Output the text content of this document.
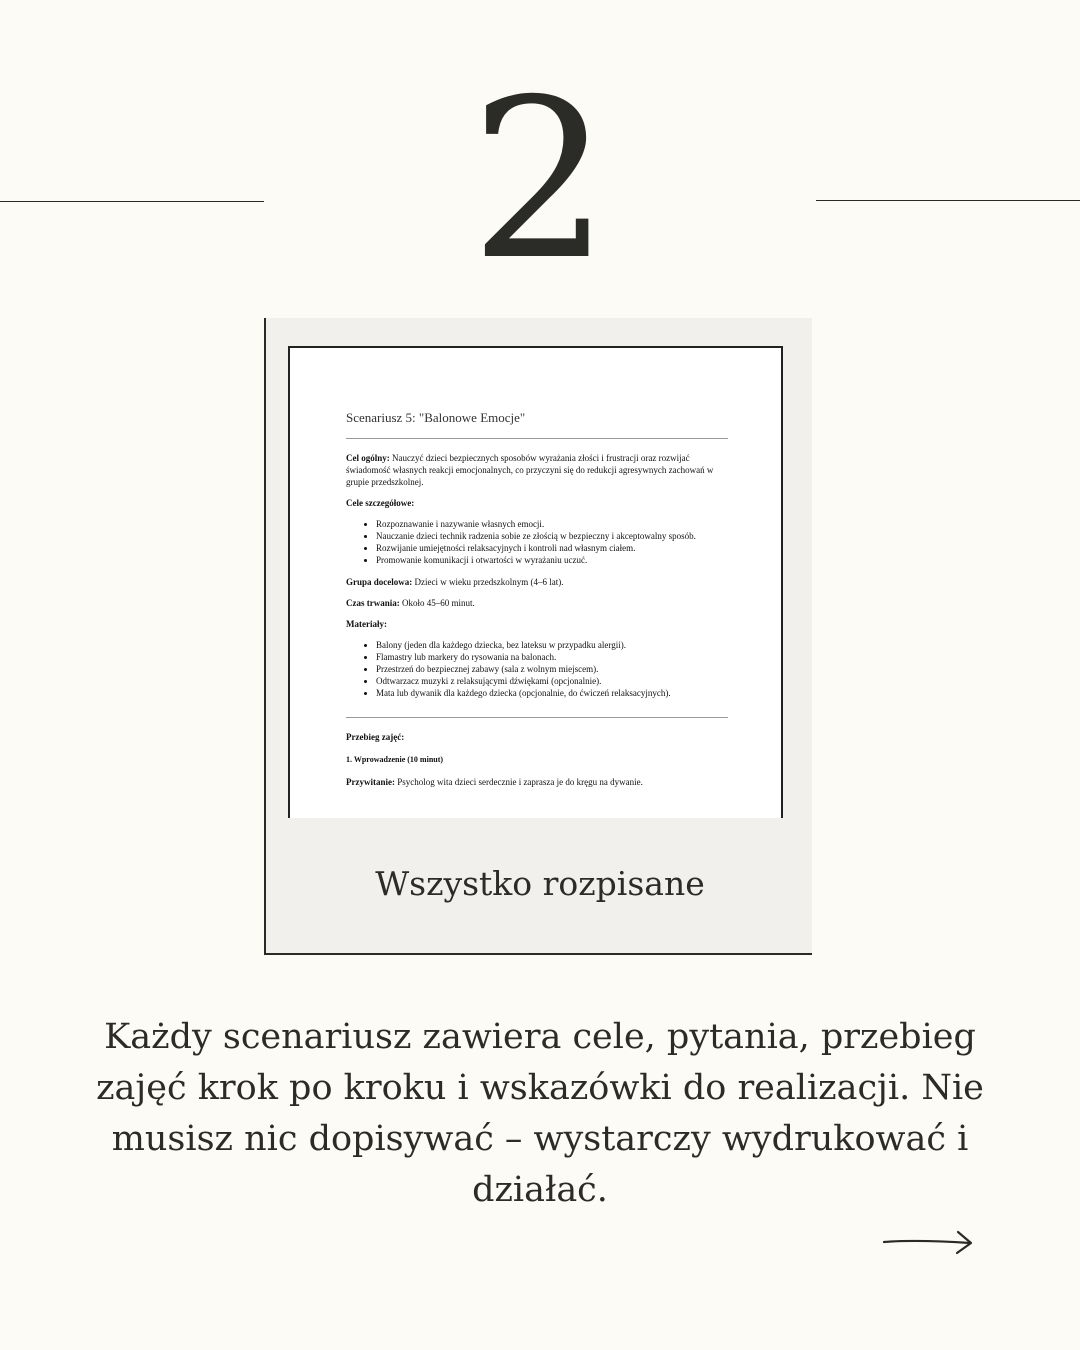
2
Scenariusz 5: "Balonowe Emocje"

Cel ogólny: Nauczyć dzieci bezpiecznych sposobów wyrażania złości i frustracji oraz rozwijać świadomość własnych reakcji emocjonalnych, co przyczyni się do redukcji agresywnych zachowań w grupie przedszkolnej.

Cele szczegółowe:
• Rozpoznawanie i nazywanie własnych emocji.
• Nauczanie dzieci technik radzenia sobie ze złością w bezpieczny i akceptowalny sposób.
• Rozwijanie umiejętności relaksacyjnych i kontroli nad własnym ciałem.
• Promowanie komunikacji i otwartości w wyrażaniu uczuć.

Grupa docelowa: Dzieci w wieku przedszkolnym (4–6 lat).

Czas trwania: Około 45–60 minut.

Materiały:
• Balony (jeden dla każdego dziecka, bez lateksu w przypadku alergii).
• Flamastry lub markery do rysowania na balonach.
• Przestrzeń do bezpiecznej zabawy (sala z wolnym miejscem).
• Odtwarzacz muzyki z relaksującymi dźwiękami (opcjonalnie).
• Mata lub dywanik dla każdego dziecka (opcjonalnie, do ćwiczeń relaksacyjnych).
Przebieg zajęć:
1. Wprowadzenie (10 minut)

Przywitanie: Psycholog wita dzieci serdecznie i zaprasza je do kręgu na dywanie.

Wszystko rozpisane
Każdy scenariusz zawiera cele, pytania, przebieg zajęć krok po kroku i wskazówki do realizacji. Nie musisz nic dopisywać – wystarczy wydrukować i działać.
